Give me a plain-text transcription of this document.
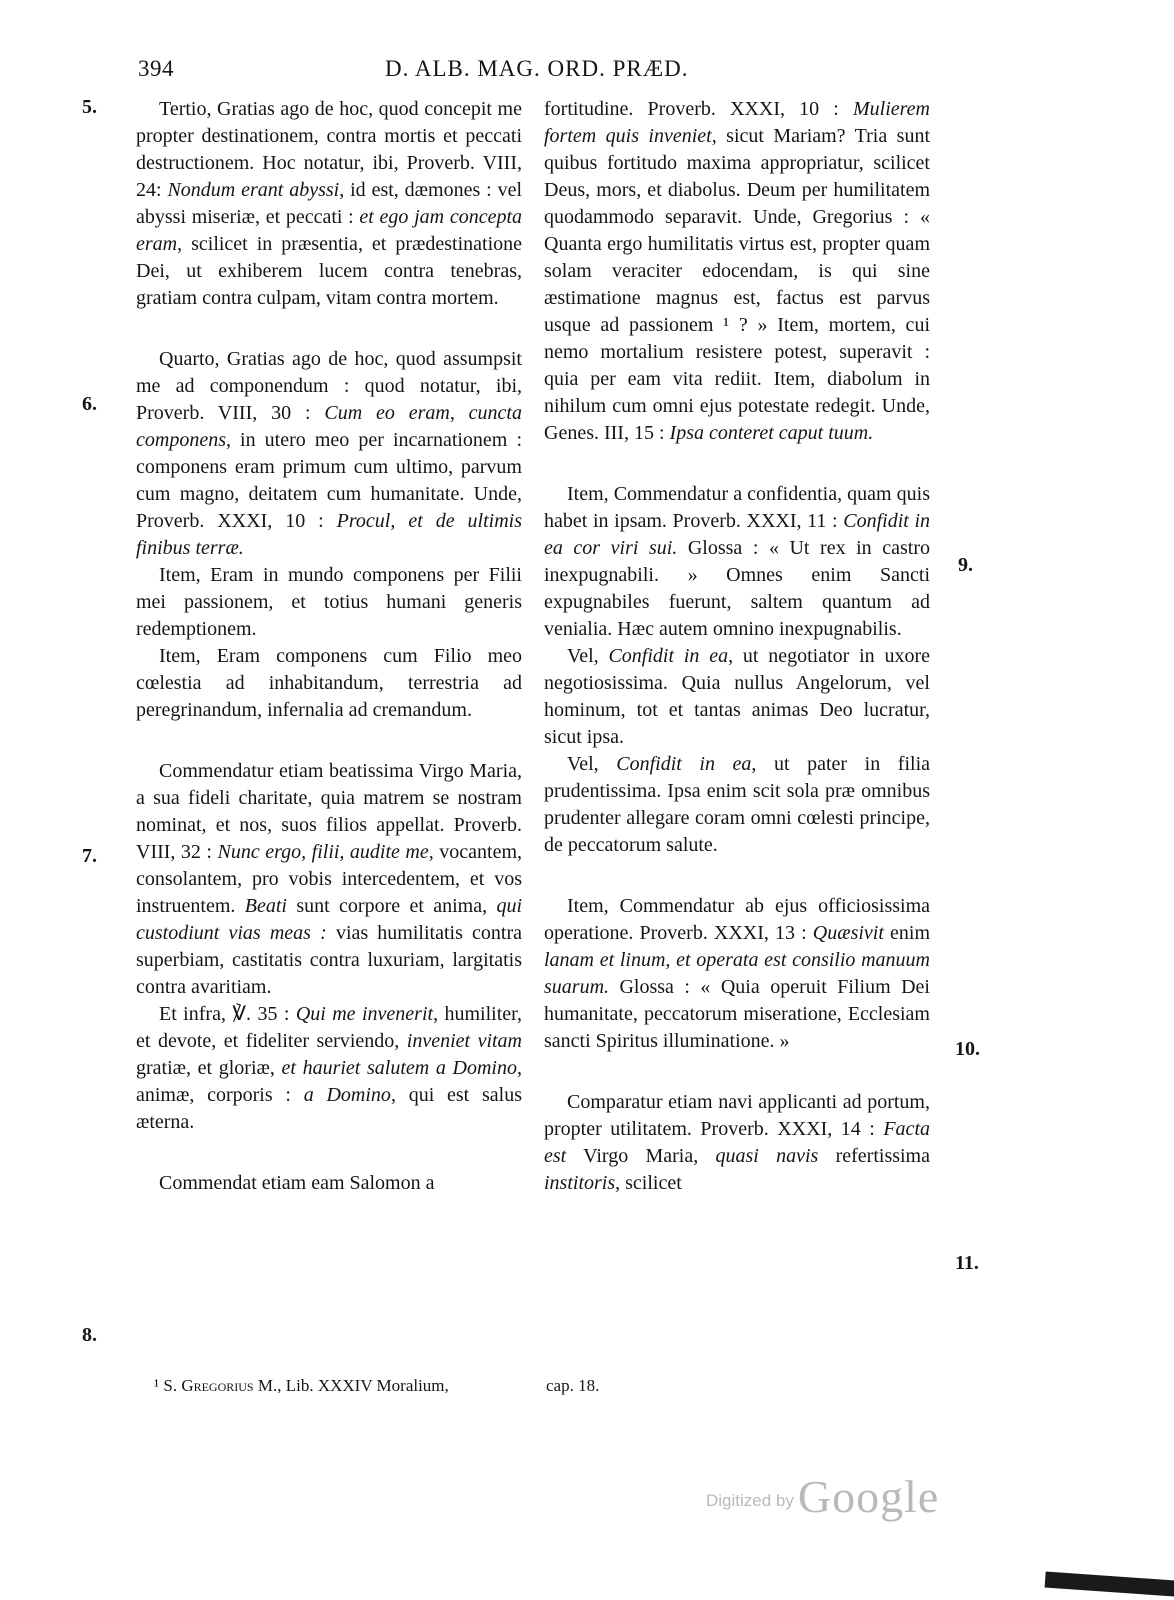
394	D. ALB. MAG. ORD. PRÆD.
5.
6.
7.
8.
9.
10.
11.

Tertio, Gratias ago de hoc, quod concepit me propter destinationem, contra mortis et peccati destructionem. Hoc notatur, ibi, Proverb. VIII, 24: Nondum erant abyssi, id est, dæmones : vel abyssi miseriæ, et peccati : et ego jam concepta eram, scilicet in præsentia, et prædestinatione Dei, ut exhiberem lucem contra tenebras, gratiam contra culpam, vitam contra mortem.

Quarto, Gratias ago de hoc, quod assumpsit me ad componendum : quod notatur, ibi, Proverb. VIII, 30 : Cum eo eram, cuncta componens, in utero meo per incarnationem : componens eram primum cum ultimo, parvum cum magno, deitatem cum humanitate. Unde, Proverb. XXXI, 10 : Procul, et de ultimis finibus terræ.

Item, Eram in mundo componens per Filii mei passionem, et totius humani generis redemptionem.

Item, Eram componens cum Filio meo cœlestia ad inhabitandum, terrestria ad peregrinandum, infernalia ad cremandum.

Commendatur etiam beatissima Virgo Maria, a sua fideli charitate, quia matrem se nostram nominat, et nos, suos filios appellat. Proverb. VIII, 32 : Nunc ergo, filii, audite me, vocantem, consolantem, pro vobis intercedentem, et vos instruentem. Beati sunt corpore et anima, qui custodiunt vias meas : vias humilitatis contra superbiam, castitatis contra luxuriam, largitatis contra avaritiam.

Et infra, ℣. 35 : Qui me invenerit, humiliter, et devote, et fideliter serviendo, inveniet vitam gratiæ, et gloriæ, et hauriet salutem a Domino, animæ, corporis : a Domino, qui est salus æterna.

Commendat etiam eam Salomon a

fortitudine. Proverb. XXXI, 10 : Mulierem fortem quis inveniet, sicut Mariam? Tria sunt quibus fortitudo maxima appropriatur, scilicet Deus, mors, et diabolus. Deum per humilitatem quodammodo separavit. Unde, Gregorius : « Quanta ergo humilitatis virtus est, propter quam solam veraciter edocendam, is qui sine æstimatione magnus est, factus est parvus usque ad passionem ¹ ? » Item, mortem, cui nemo mortalium resistere potest, superavit : quia per eam vita rediit. Item, diabolum in nihilum cum omni ejus potestate redegit. Unde, Genes. III, 15 : Ipsa conteret caput tuum.

Item, Commendatur a confidentia, quam quis habet in ipsam. Proverb. XXXI, 11 : Confidit in ea cor viri sui. Glossa : « Ut rex in castro inexpugnabili. » Omnes enim Sancti expugnabiles fuerunt, saltem quantum ad venialia. Hæc autem omnino inexpugnabilis.

Vel, Confidit in ea, ut negotiator in uxore negotiosissima. Quia nullus Angelorum, vel hominum, tot et tantas animas Deo lucratur, sicut ipsa.

Vel, Confidit in ea, ut pater in filia prudentissima. Ipsa enim scit sola præ omnibus prudenter allegare coram omni cœlesti principe, de peccatorum salute.

Item, Commendatur ab ejus officiosissima operatione. Proverb. XXXI, 13 : Quæsivit enim lanam et linum, et operata est consilio manuum suarum. Glossa : « Quia operuit Filium Dei humanitate, peccatorum miseratione, Ecclesiam sancti Spiritus illuminatione. »

Comparatur etiam navi applicanti ad portum, propter utilitatem. Proverb. XXXI, 14 : Facta est Virgo Maria, quasi navis refertissima institoris, scilicet

¹ S. Gregorius M., Lib. XXXIV Moralium,	cap. 18.
Digitized by Google
